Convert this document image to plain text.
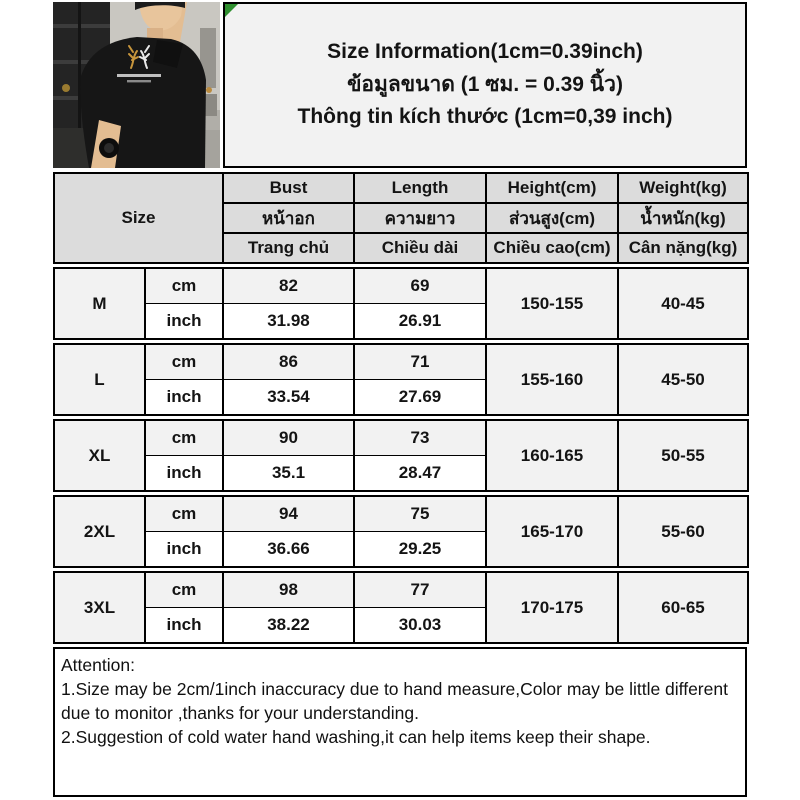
Size Information(1cm=0.39inch)
ข้อมูลขนาด (1 ซม. = 0.39 นิ้ว)
Thông tin kích thước (1cm=0,39 inch)
Size	Bust	Length	Height(cm)	Weight(kg)
	หน้าอก	ความยาว	ส่วนสูง(cm)	น้ำหนัก(kg)
	Trang chủ	Chiều dài	Chiều cao(cm)	Cân nặng(kg)
M	cm	82	69	150-155	40-45
	inch	31.98	26.91		
L	cm	86	71	155-160	45-50
	inch	33.54	27.69		
XL	cm	90	73	160-165	50-55
	inch	35.1	28.47		
2XL	cm	94	75	165-170	55-60
	inch	36.66	29.25		
3XL	cm	98	77	170-175	60-65
	inch	38.22	30.03		
Attention:
1.Size may be 2cm/1inch inaccuracy due to hand measure,Color may be little different due to monitor ,thanks for your understanding.
2.Suggestion of cold water hand washing,it can help items keep their shape.
